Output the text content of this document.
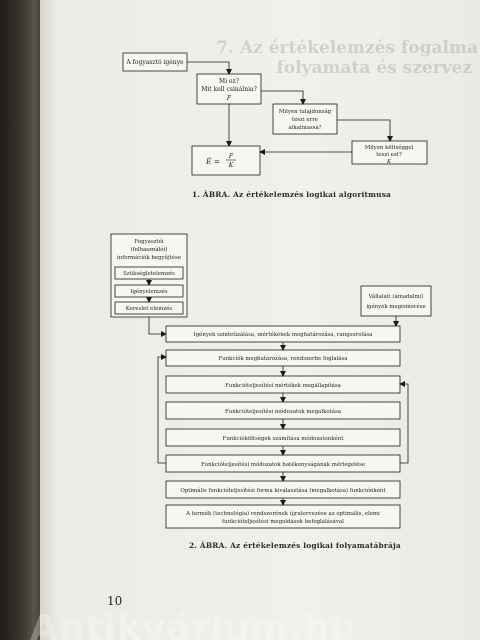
7. Az értékelemzés fogalma
folyamata és szervez
A fogyasztó igénye
Mi ez?
Mit kell csinálnia?
F
Milyen tulajdonság
teszi erre
alkalmassá?
Milyen költséggel
teszi ezt?
K
É =
F
K
Fogyasztói
(felhasználói)
információk begyűjtése
Szükségletelemzés
Igényelemzés
Kereslet elemzés
Vállalati (ámadalmi)
igények megismerése
Igények szintetizálása, mértékének meghatározása, rangsorolása
Funkciók meghatározása, rendszerbe foglalása
Funkcióteljesítési mértékek megállapítása
Funkcióteljesítési módozatok megalkotása
Funkcióköltségek számítása módozatonként
Funkcióteljesítési módozatok hatékonyságának mérlegelése
Optimális funkcióteljesítési forma kiválasztása (megalkotása) funkciónként
A termék (technológia) rendszerének újratervezése az optimális, elemi
funkcióteljesítési megoldások befoglalásával
1. ÁBRA. Az értékelemzés logikai algoritmusa
2. ÁBRA. Az értékelemzés logikai folyamatábrája
10
Antikvárium.hu
